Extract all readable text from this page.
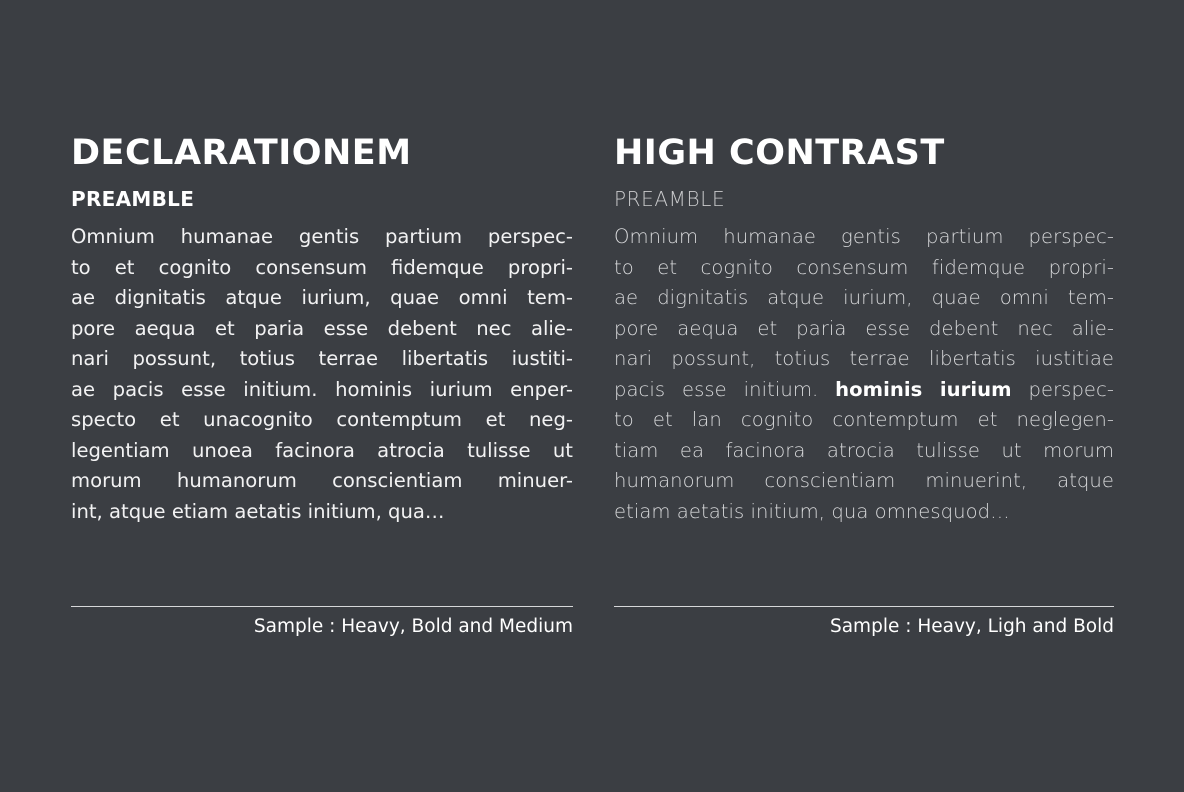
DECLARATIONEM
PREAMBLE
Omnium humanae gentis partium perspec-
to et cognito consensum fidemque propri-
ae dignitatis atque iurium, quae omni tem-
pore aequa et paria esse debent nec alie-
nari possunt, totius terrae libertatis iustiti-
ae pacis esse initium. hominis iurium enper-
specto et unacognito contemptum et neg-
legentiam unoea facinora atrocia tulisse ut
morum humanorum conscientiam minuer-
int, atque etiam aetatis initium, qua…
HIGH CONTRAST
PREAMBLE
Omnium humanae gentis partium perspec-
to et cognito consensum fidemque propri-
ae dignitatis atque iurium, quae omni tem-
pore aequa et paria esse debent nec alie-
nari possunt, totius terrae libertatis iustitiae
pacis esse initium. hominis iurium perspec-
to et lan cognito contemptum et neglegen-
tiam ea facinora atrocia tulisse ut morum
humanorum conscientiam minuerint, atque
etiam aetatis initium, qua omnesquod…
Sample : Heavy, Bold and Medium	Sample : Heavy, Ligh and Bold
